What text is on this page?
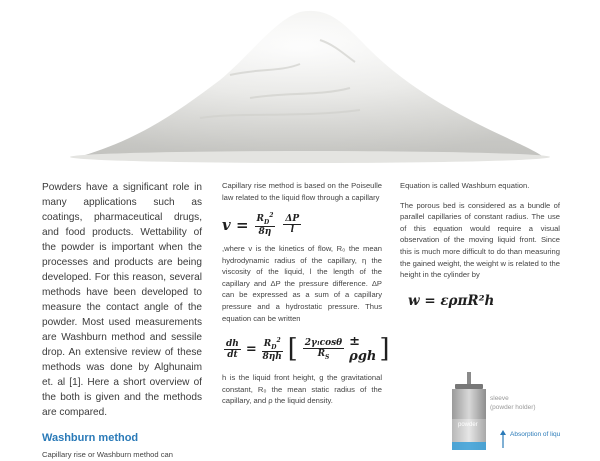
Powders have a significant role in many applications such as coatings, pharmaceutical drugs, and food products. Wettability of the powder is important when the processes and products are being developed. For this reason, several methods have been developed to measure the contact angle of the powder. Most used measurements are Washburn method and sessile drop. An extensive review of these methods was done by Alghunaim et. al [1]. Here a short overview of the both is given and the methods are compared.

Washburn method

Capillary rise or Washburn method can

Capillary rise method is based on the Poiseulle law related to the liquid flow through a capillary

$v = \frac{R_D^2}{8\eta} \frac{\Delta P}{l}$

,where v is the kinetics of flow, R₀ the mean hydrodynamic radius of the capillary, η the viscosity of the liquid, l the length of the capillary and ΔP the pressure difference. ΔP can be expressed as a sum of a capillary pressure and a hydrostatic pressure. Thus equation can be written

$\frac{dh}{dt} = \frac{R_D^2}{8\eta h}$ [ $\frac{\text{2γₗcosθ}}{R_S} \pm \rho gh$ ]

h is the liquid front height, g the gravitational constant, R₀ the mean static radius of the capillary, and ρ the liquid density.

Equation is called Washburn equation.

The porous bed is considered as a bundle of parallel capillaries of constant radius. The use of this equation would require a visual observation of the moving liquid front. Since this is much more difficult to do than measuring the gained weight, the weight w is related to the height in the cylinder by

w = ερπR²h
sleeve
(powder holder)
powder
Absorption of liqu
